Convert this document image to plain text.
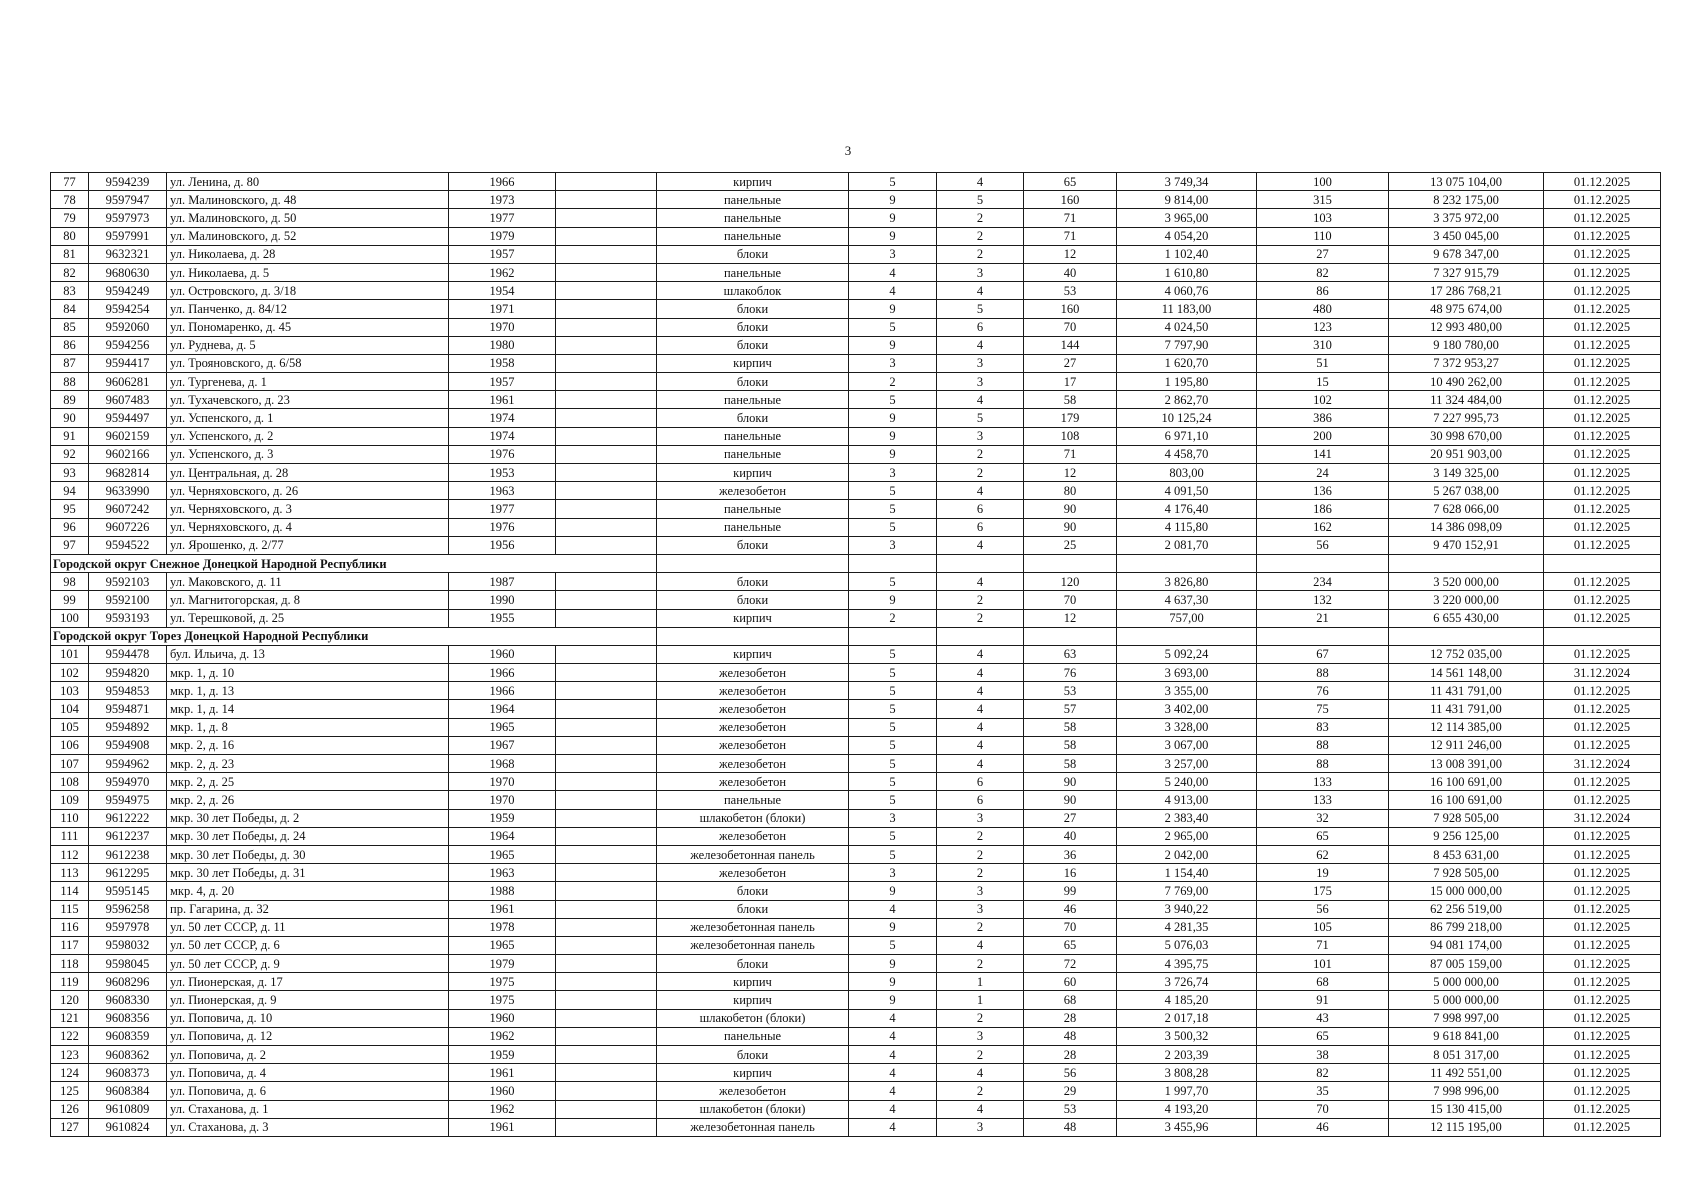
3
77	9594239	ул. Ленина, д. 80	1966		кирпич	5	4	65	3 749,34	100	13 075 104,00	01.12.2025
78	9597947	ул. Малиновского, д. 48	1973		панельные	9	5	160	9 814,00	315	8 232 175,00	01.12.2025
79	9597973	ул. Малиновского, д. 50	1977		панельные	9	2	71	3 965,00	103	3 375 972,00	01.12.2025
80	9597991	ул. Малиновского, д. 52	1979		панельные	9	2	71	4 054,20	110	3 450 045,00	01.12.2025
81	9632321	ул. Николаева, д. 28	1957		блоки	3	2	12	1 102,40	27	9 678 347,00	01.12.2025
82	9680630	ул. Николаева, д. 5	1962		панельные	4	3	40	1 610,80	82	7 327 915,79	01.12.2025
83	9594249	ул. Островского, д. 3/18	1954		шлакоблок	4	4	53	4 060,76	86	17 286 768,21	01.12.2025
84	9594254	ул. Панченко, д. 84/12	1971		блоки	9	5	160	11 183,00	480	48 975 674,00	01.12.2025
85	9592060	ул. Пономаренко, д. 45	1970		блоки	5	6	70	4 024,50	123	12 993 480,00	01.12.2025
86	9594256	ул. Руднева, д. 5	1980		блоки	9	4	144	7 797,90	310	9 180 780,00	01.12.2025
87	9594417	ул. Трояновского, д. 6/58	1958		кирпич	3	3	27	1 620,70	51	7 372 953,27	01.12.2025
88	9606281	ул. Тургенева, д. 1	1957		блоки	2	3	17	1 195,80	15	10 490 262,00	01.12.2025
89	9607483	ул. Тухачевского, д. 23	1961		панельные	5	4	58	2 862,70	102	11 324 484,00	01.12.2025
90	9594497	ул. Успенского, д. 1	1974		блоки	9	5	179	10 125,24	386	7 227 995,73	01.12.2025
91	9602159	ул. Успенского, д. 2	1974		панельные	9	3	108	6 971,10	200	30 998 670,00	01.12.2025
92	9602166	ул. Успенского, д. 3	1976		панельные	9	2	71	4 458,70	141	20 951 903,00	01.12.2025
93	9682814	ул. Центральная, д. 28	1953		кирпич	3	2	12	803,00	24	3 149 325,00	01.12.2025
94	9633990	ул. Черняховского, д. 26	1963		железобетон	5	4	80	4 091,50	136	5 267 038,00	01.12.2025
95	9607242	ул. Черняховского, д. 3	1977		панельные	5	6	90	4 176,40	186	7 628 066,00	01.12.2025
96	9607226	ул. Черняховского, д. 4	1976		панельные	5	6	90	4 115,80	162	14 386 098,09	01.12.2025
97	9594522	ул. Ярошенко, д. 2/77	1956		блоки	3	4	25	2 081,70	56	9 470 152,91	01.12.2025
Городской округ Снежное Донецкой Народной Республики												
98	9592103	ул. Маковского, д. 11	1987		блоки	5	4	120	3 826,80	234	3 520 000,00	01.12.2025
99	9592100	ул. Магнитогорская, д. 8	1990		блоки	9	2	70	4 637,30	132	3 220 000,00	01.12.2025
100	9593193	ул. Терешковой, д. 25	1955		кирпич	2	2	12	757,00	21	6 655 430,00	01.12.2025
Городской округ Торез Донецкой Народной Республики												
101	9594478	бул. Ильича, д. 13	1960		кирпич	5	4	63	5 092,24	67	12 752 035,00	01.12.2025
102	9594820	мкр. 1, д. 10	1966		железобетон	5	4	76	3 693,00	88	14 561 148,00	31.12.2024
103	9594853	мкр. 1, д. 13	1966		железобетон	5	4	53	3 355,00	76	11 431 791,00	01.12.2025
104	9594871	мкр. 1, д. 14	1964		железобетон	5	4	57	3 402,00	75	11 431 791,00	01.12.2025
105	9594892	мкр. 1, д. 8	1965		железобетон	5	4	58	3 328,00	83	12 114 385,00	01.12.2025
106	9594908	мкр. 2, д. 16	1967		железобетон	5	4	58	3 067,00	88	12 911 246,00	01.12.2025
107	9594962	мкр. 2, д. 23	1968		железобетон	5	4	58	3 257,00	88	13 008 391,00	31.12.2024
108	9594970	мкр. 2, д. 25	1970		железобетон	5	6	90	5 240,00	133	16 100 691,00	01.12.2025
109	9594975	мкр. 2, д. 26	1970		панельные	5	6	90	4 913,00	133	16 100 691,00	01.12.2025
110	9612222	мкр. 30 лет Победы, д. 2	1959		шлакобетон (блоки)	3	3	27	2 383,40	32	7 928 505,00	31.12.2024
111	9612237	мкр. 30 лет Победы, д. 24	1964		железобетон	5	2	40	2 965,00	65	9 256 125,00	01.12.2025
112	9612238	мкр. 30 лет Победы, д. 30	1965		железобетонная панель	5	2	36	2 042,00	62	8 453 631,00	01.12.2025
113	9612295	мкр. 30 лет Победы, д. 31	1963		железобетон	3	2	16	1 154,40	19	7 928 505,00	01.12.2025
114	9595145	мкр. 4, д. 20	1988		блоки	9	3	99	7 769,00	175	15 000 000,00	01.12.2025
115	9596258	пр. Гагарина, д. 32	1961		блоки	4	3	46	3 940,22	56	62 256 519,00	01.12.2025
116	9597978	ул. 50 лет СССР, д. 11	1978		железобетонная панель	9	2	70	4 281,35	105	86 799 218,00	01.12.2025
117	9598032	ул. 50 лет СССР, д. 6	1965		железобетонная панель	5	4	65	5 076,03	71	94 081 174,00	01.12.2025
118	9598045	ул. 50 лет СССР, д. 9	1979		блоки	9	2	72	4 395,75	101	87 005 159,00	01.12.2025
119	9608296	ул. Пионерская, д. 17	1975		кирпич	9	1	60	3 726,74	68	5 000 000,00	01.12.2025
120	9608330	ул. Пионерская, д. 9	1975		кирпич	9	1	68	4 185,20	91	5 000 000,00	01.12.2025
121	9608356	ул. Поповича, д. 10	1960		шлакобетон (блоки)	4	2	28	2 017,18	43	7 998 997,00	01.12.2025
122	9608359	ул. Поповича, д. 12	1962		панельные	4	3	48	3 500,32	65	9 618 841,00	01.12.2025
123	9608362	ул. Поповича, д. 2	1959		блоки	4	2	28	2 203,39	38	8 051 317,00	01.12.2025
124	9608373	ул. Поповича, д. 4	1961		кирпич	4	4	56	3 808,28	82	11 492 551,00	01.12.2025
125	9608384	ул. Поповича, д. 6	1960		железобетон	4	2	29	1 997,70	35	7 998 996,00	01.12.2025
126	9610809	ул. Стаханова, д. 1	1962		шлакобетон (блоки)	4	4	53	4 193,20	70	15 130 415,00	01.12.2025
127	9610824	ул. Стаханова, д. 3	1961		железобетонная панель	4	3	48	3 455,96	46	12 115 195,00	01.12.2025
